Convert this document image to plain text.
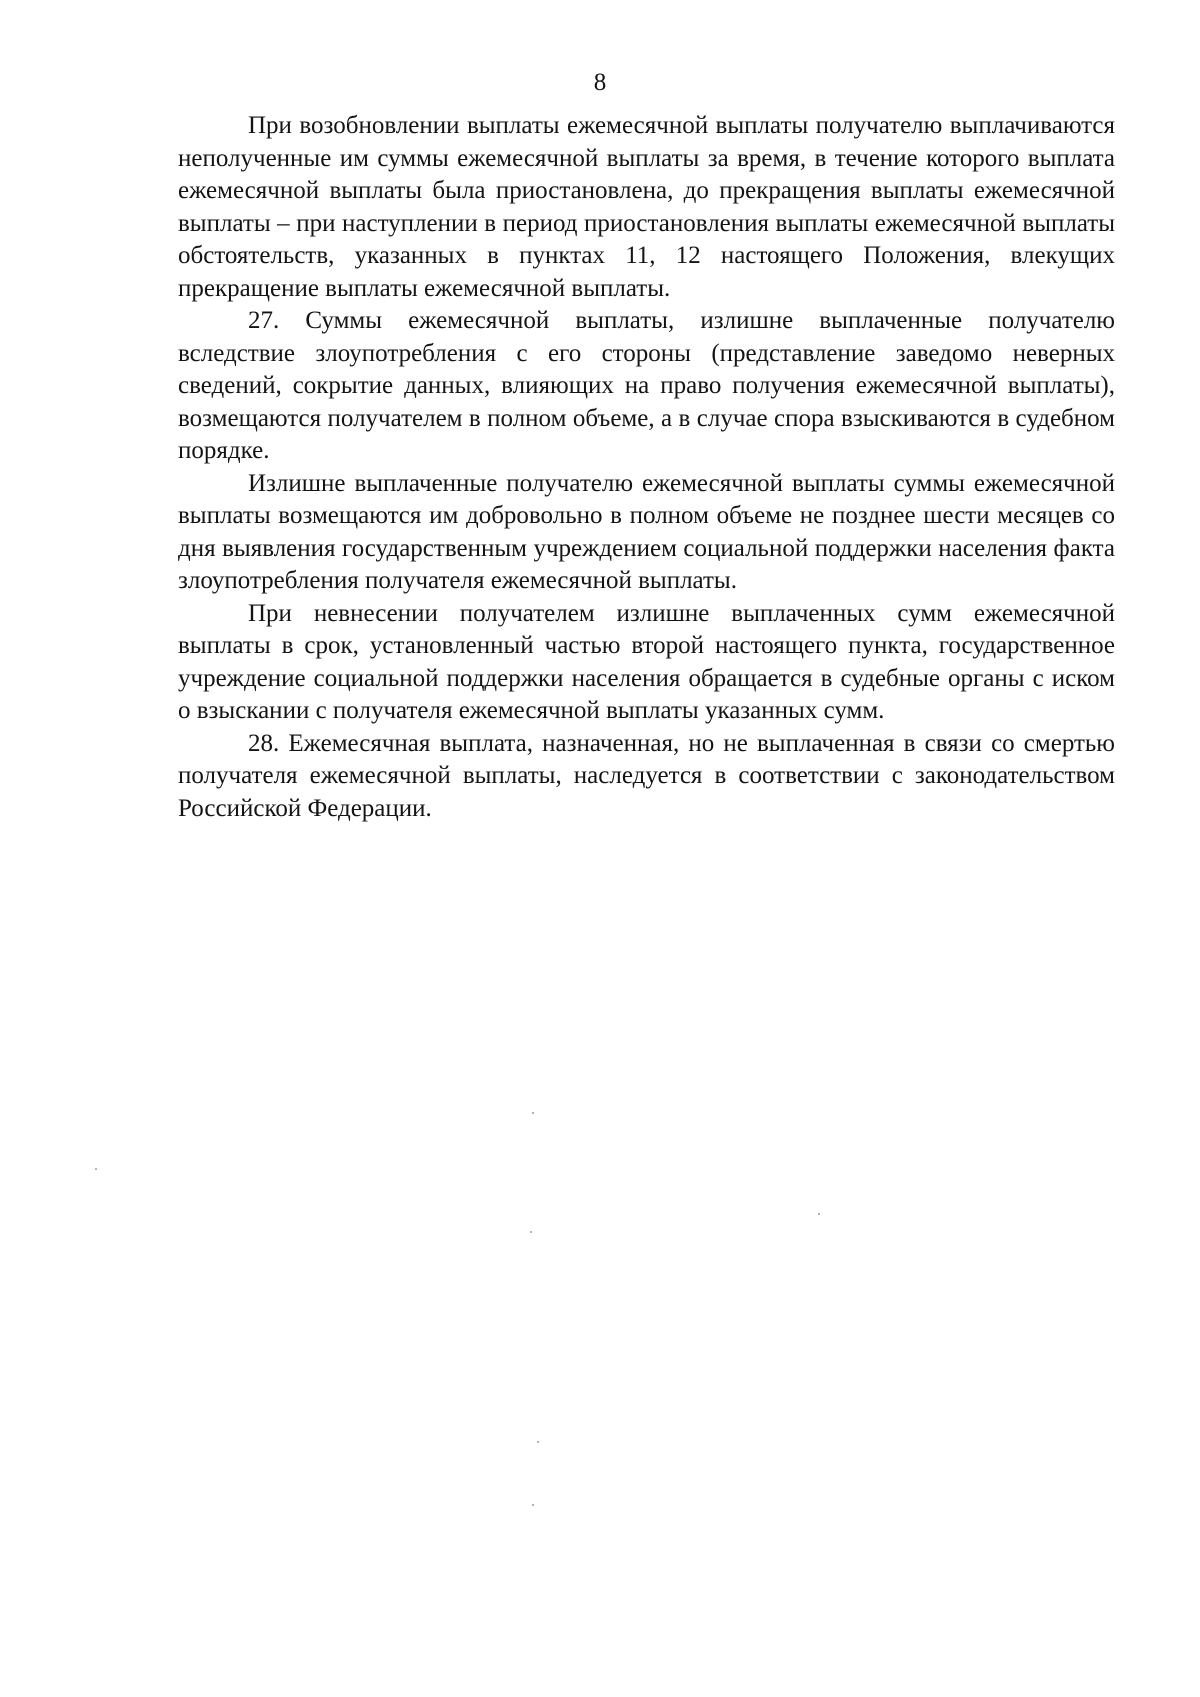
8

При возобновлении выплаты ежемесячной выплаты получателю выплачиваются неполученные им суммы ежемесячной выплаты за время, в течение которого выплата ежемесячной выплаты была приостановлена, до прекращения выплаты ежемесячной выплаты – при наступлении в период приостановления выплаты ежемесячной выплаты обстоятельств, указанных в пунктах 11, 12 настоящего Положения, влекущих прекращение выплаты ежемесячной выплаты.

27. Суммы ежемесячной выплаты, излишне выплаченные получателю вследствие злоупотребления с его стороны (представление заведомо неверных сведений, сокрытие данных, влияющих на право получения ежемесячной выплаты), возмещаются получателем в полном объеме, а в случае спора взыскиваются в судебном порядке.

Излишне выплаченные получателю ежемесячной выплаты суммы ежемесячной выплаты возмещаются им добровольно в полном объеме не позднее шести месяцев со дня выявления государственным учреждением социальной поддержки населения факта злоупотребления получателя ежемесячной выплаты.

При невнесении получателем излишне выплаченных сумм ежемесячной выплаты в срок, установленный частью второй настоящего пункта, государственное учреждение социальной поддержки населения обращается в судебные органы с иском о взыскании с получателя ежемесячной выплаты указанных сумм.

28. Ежемесячная выплата, назначенная, но не выплаченная в связи со смертью получателя ежемесячной выплаты, наследуется в соответствии с законодательством Российской Федерации.
